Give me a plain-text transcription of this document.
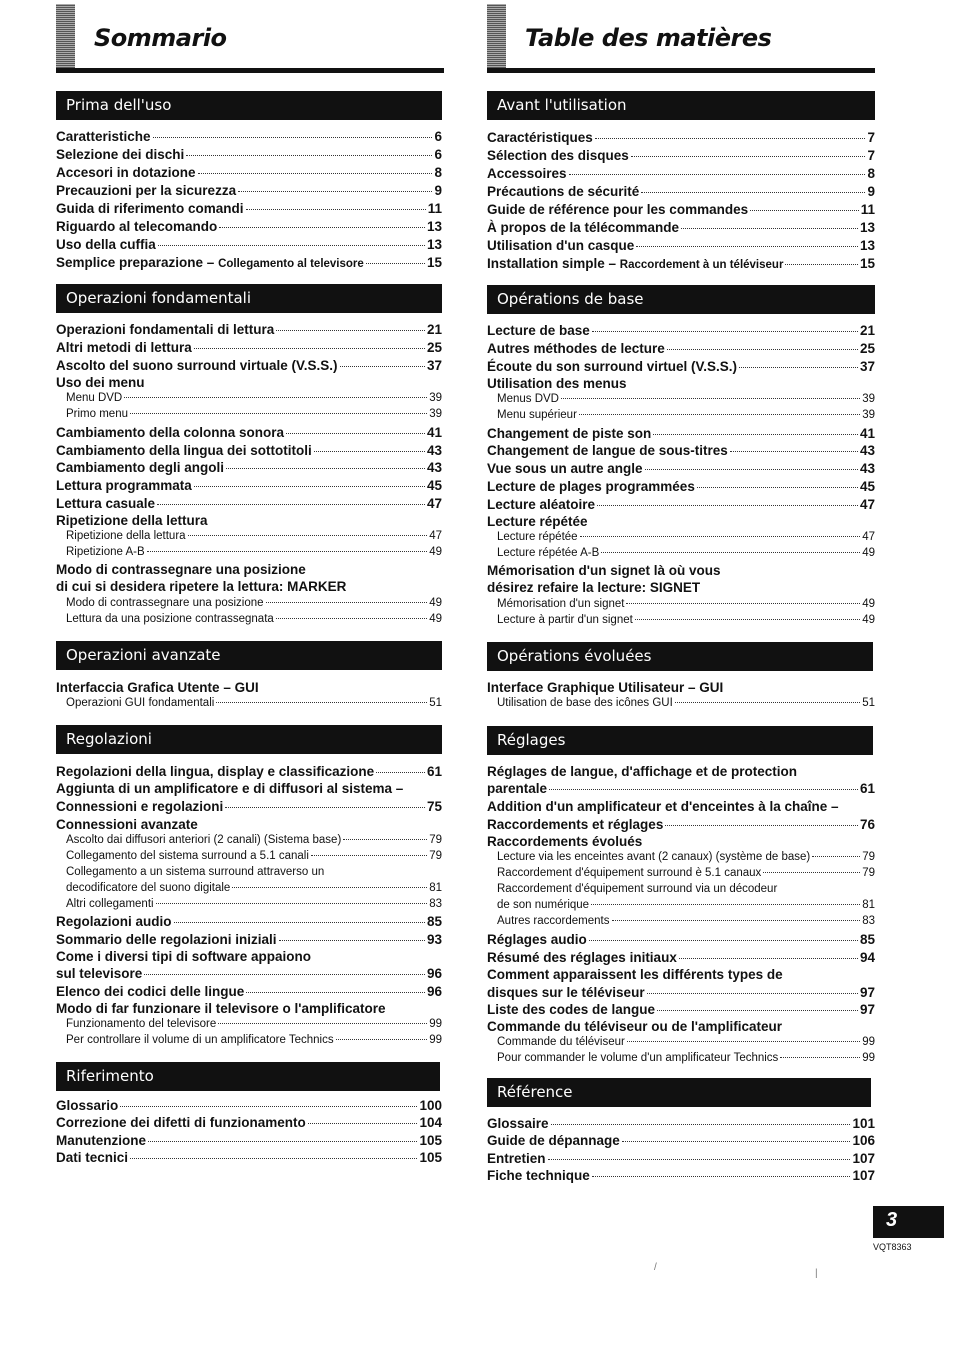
Sommario
Prima dell'uso
Caratteristiche	6
Selezione dei dischi	6
Accesori in dotazione	8
Precauzioni per la sicurezza	9
Guida di riferimento comandi	11
Riguardo al telecomando	13
Uso della cuffia	13
Semplice preparazione – Collegamento al televisore	15
Operazioni fondamentali
Operazioni fondamentali di lettura	21
Altri metodi di lettura	25
Ascolto del suono surround virtuale (V.S.S.)	37
Uso dei menu
Menu DVD	39
Primo menu	39
Cambiamento della colonna sonora	41
Cambiamento della lingua dei sottotitoli	43
Cambiamento degli angoli	43
Lettura programmata	45
Lettura casuale	47
Ripetizione della lettura
Ripetizione della lettura	47
Ripetizione A-B	49
Modo di contrassegnare una posizione
di cui si desidera ripetere la lettura: MARKER
Modo di contrassegnare una posizione	49
Lettura da una posizione contrassegnata	49
Operazioni avanzate
Interfaccia Grafica Utente – GUI
Operazioni GUI fondamentali	51
Regolazioni
Regolazioni della lingua, display e classificazione	61
Aggiunta di un amplificatore e di diffusori al sistema –
Connessioni e regolazioni	75
Connessioni avanzate
Ascolto dai diffusori anteriori (2 canali) (Sistema base)	79
Collegamento del sistema surround a 5.1 canali	79
Collegamento a un sistema surround attraverso un
decodificatore del suono digitale	81
Altri collegamenti	83
Regolazioni audio	85
Sommario delle regolazioni iniziali	93
Come i diversi tipi di software appaiono
sul televisore	96
Elenco dei codici delle lingue	96
Modo di far funzionare il televisore o l'amplificatore
Funzionamento del televisore	99
Per controllare il volume di un amplificatore Technics	99
Riferimento
Glossario	100
Correzione dei difetti di funzionamento	104
Manutenzione	105
Dati tecnici	105
Table des matières
Avant l'utilisation
Caractéristiques	7
Sélection des disques	7
Accessoires	8
Précautions de sécurité	9
Guide de référence pour les commandes	11
À propos de la télécommande	13
Utilisation d'un casque	13
Installation simple – Raccordement à un téléviseur	15
Opérations de base
Lecture de base	21
Autres méthodes de lecture	25
Écoute du son surround virtuel (V.S.S.)	37
Utilisation des menus
Menus DVD	39
Menu supérieur	39
Changement de piste son	41
Changement de langue de sous-titres	43
Vue sous un autre angle	43
Lecture de plages programmées	45
Lecture aléatoire	47
Lecture répétée
Lecture répétée	47
Lecture répétée A-B	49
Mémorisation d'un signet là où vous
désirez refaire la lecture: SIGNET
Mémorisation d'un signet	49
Lecture à partir d'un signet	49
Opérations évoluées
Interface Graphique Utilisateur – GUI
Utilisation de base des icônes GUI	51
Réglages
Réglages de langue, d'affichage et de protection
parentale	61
Addition d'un amplificateur et d'enceintes à la chaîne –
Raccordements et réglages	76
Raccordements évolués
Lecture via les enceintes avant (2 canaux) (système de base)	79
Raccordement d'équipement surround è 5.1 canaux	79
Raccordement d'équipement surround via un décodeur
de son numérique	81
Autres raccordements	83
Réglages audio	85
Résumé des réglages initiaux	94
Comment apparaissent les différents types de
disques sur le téléviseur	97
Liste des codes de langue	97
Commande du téléviseur ou de l'amplificateur
Commande du téléviseur	99
Pour commander le volume d'un amplificateur Technics	99
Référence
Glossaire	101
Guide de dépannage	106
Entretien	107
Fiche technique	107
3
VQT8363
/
|
